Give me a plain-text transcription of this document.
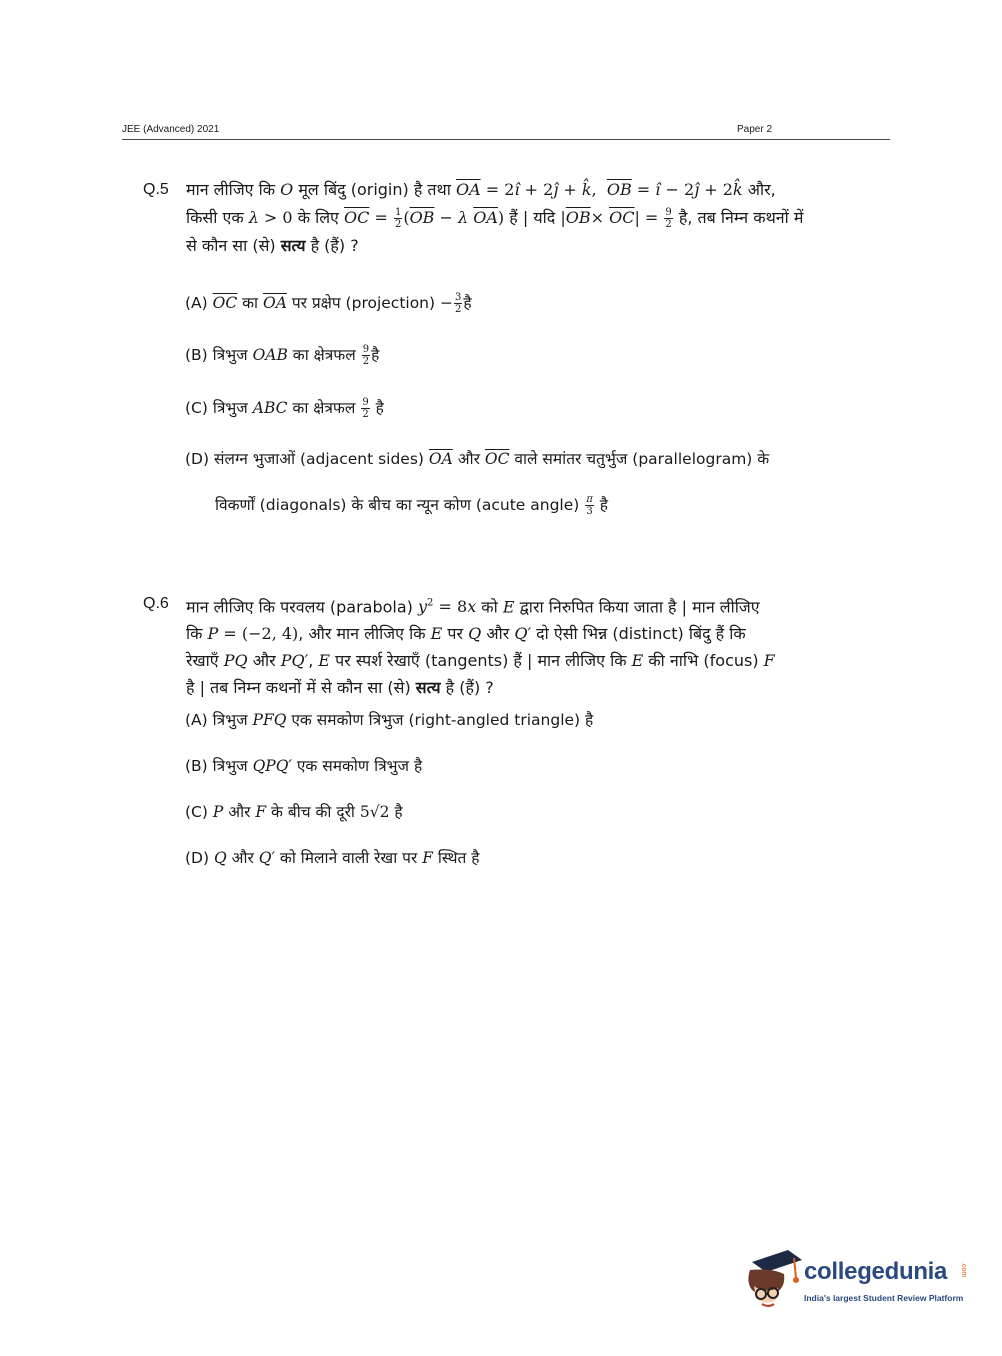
JEE (Advanced) 2021	Paper 2
Q.5 मान लीजिए कि O मूल बिंदु (origin) है तथा $\overline{OA}$ = 2î + 2ĵ + k̂,  $\overline{OB}$ = î − 2ĵ + 2k̂ और,
किसी एक λ > 0 के लिए $\overline{OC} = \frac{1}{2} (\overline{OB} - \lambda$ $\overline{OA}$) हैं | यदि $|\overline{OB}\times \overline{OC}| = \frac{9}{2}$ है, तब निम्न कथनों में
से कौन सा (से) सत्य है (हैं) ?
(A) $\overline{OC}$ का $\overline{OA}$ पर प्रक्षेप (projection) − $\frac{3}{2}$ है
(B) त्रिभुज OAB का क्षेत्रफल $\frac{9}{2}$ है
(C) त्रिभुज ABC का क्षेत्रफल $\frac{9}{2}$ है
(D) संलग्न भुजाओं (adjacent sides) $\overline{OA}$ और $\overline{OC}$ वाले समांतर चतुर्भुज (parallelogram) के
विकर्णों (diagonals) के बीच का न्यून कोण (acute angle) $\frac{\pi}{3}$ है
Q.6 मान लीजिए कि परवलय (parabola) $y^2 = 8x$ को E द्वारा निरुपित किया जाता है | मान लीजिए
कि P = (−2, 4), और मान लीजिए कि E पर Q और Q′ दो ऐसी भिन्न (distinct) बिंदु हैं कि
रेखाएँ PQ और PQ′, E पर स्पर्श रेखाएँ (tangents) हैं | मान लीजिए कि E की नाभि (focus) F
है | तब निम्न कथनों में से कौन सा (से) सत्य है (हैं) ?
(A) त्रिभुज PFQ एक समकोण त्रिभुज (right-angled triangle) है
(B) त्रिभुज QPQ′ एक समकोण त्रिभुज है
(C) P और F के बीच की दूरी 5√2 है
(D) Q और Q′ को मिलाने वाली रेखा पर F स्थित है
collegedunia .com
India's largest Student Review Platform
